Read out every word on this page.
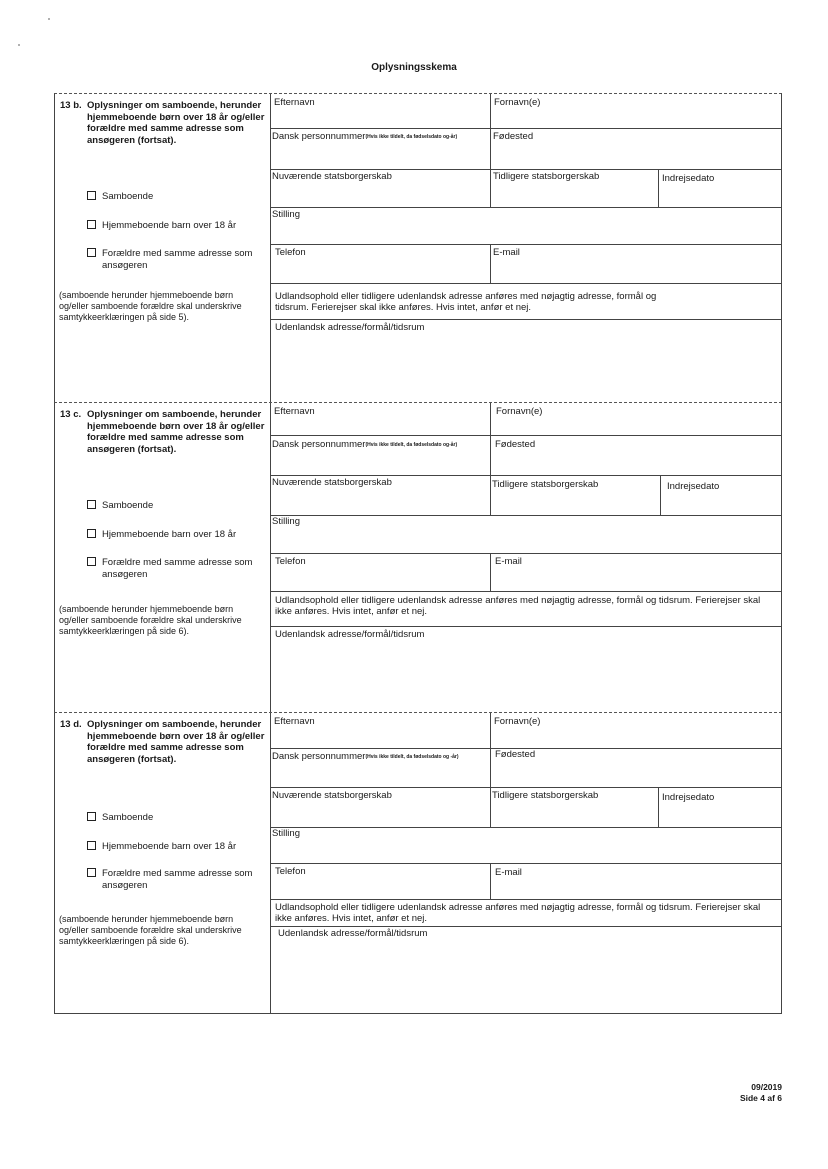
Oplysningsskema
13 b. Oplysninger om samboende, herunder hjemmeboende børn over 18 år og/eller forældre med samme adresse som ansøgeren (fortsat).
Samboende
Hjemmeboende barn over 18 år
Forældre med samme adresse som ansøgeren
(samboende herunder hjemmeboende børn og/eller samboende forældre skal underskrive samtykkeerklæringen på side 5).
Efternavn	Fornavn(e)
Dansk personnummer(Hvis ikke tildelt, da fødselsdato og-år)	Fødested
Nuværende statsborgerskab	Tidligere statsborgerskab	Indrejsedato
Stilling
Telefon	E-mail
Udlandsophold eller tidligere udenlandsk adresse anføres med nøjagtig adresse, formål og tidsrum. Ferierejser skal ikke anføres. Hvis intet, anfør et nej.
Udenlandsk adresse/formål/tidsrum
13 c. Oplysninger om samboende, herunder hjemmeboende børn over 18 år og/eller forældre med samme adresse som ansøgeren (fortsat).
Samboende
Hjemmeboende barn over 18 år
Forældre med samme adresse som ansøgeren
(samboende herunder hjemmeboende børn og/eller samboende forældre skal underskrive samtykkeerklæringen på side 6).
Efternavn	Fornavn(e)
Dansk personnummer(Hvis ikke tildelt, da fødselsdato og-år)	Fødested
Nuværende statsborgerskab	Tidligere statsborgerskab	Indrejsedato
Stilling
Telefon	E-mail
Udlandsophold eller tidligere udenlandsk adresse anføres med nøjagtig adresse, formål og tidsrum. Ferierejser skal ikke anføres. Hvis intet, anfør et nej.
Udenlandsk adresse/formål/tidsrum
13 d. Oplysninger om samboende, herunder hjemmeboende børn over 18 år og/eller forældre med samme adresse som ansøgeren (fortsat).
Samboende
Hjemmeboende barn over 18 år
Forældre med samme adresse som ansøgeren
(samboende herunder hjemmeboende børn og/eller samboende forældre skal underskrive samtykkeerklæringen på side 6).
Efternavn	Fornavn(e)
Dansk personnummer(Hvis ikke tildelt, da fødselsdato og -år)	Fødested
Nuværende statsborgerskab	Tidligere statsborgerskab	Indrejsedato
Stilling
Telefon	E-mail
Udlandsophold eller tidligere udenlandsk adresse anføres med nøjagtig adresse, formål og tidsrum. Ferierejser skal ikke anføres. Hvis intet, anfør et nej.
Udenlandsk adresse/formål/tidsrum
09/2019
Side 4 af 6
